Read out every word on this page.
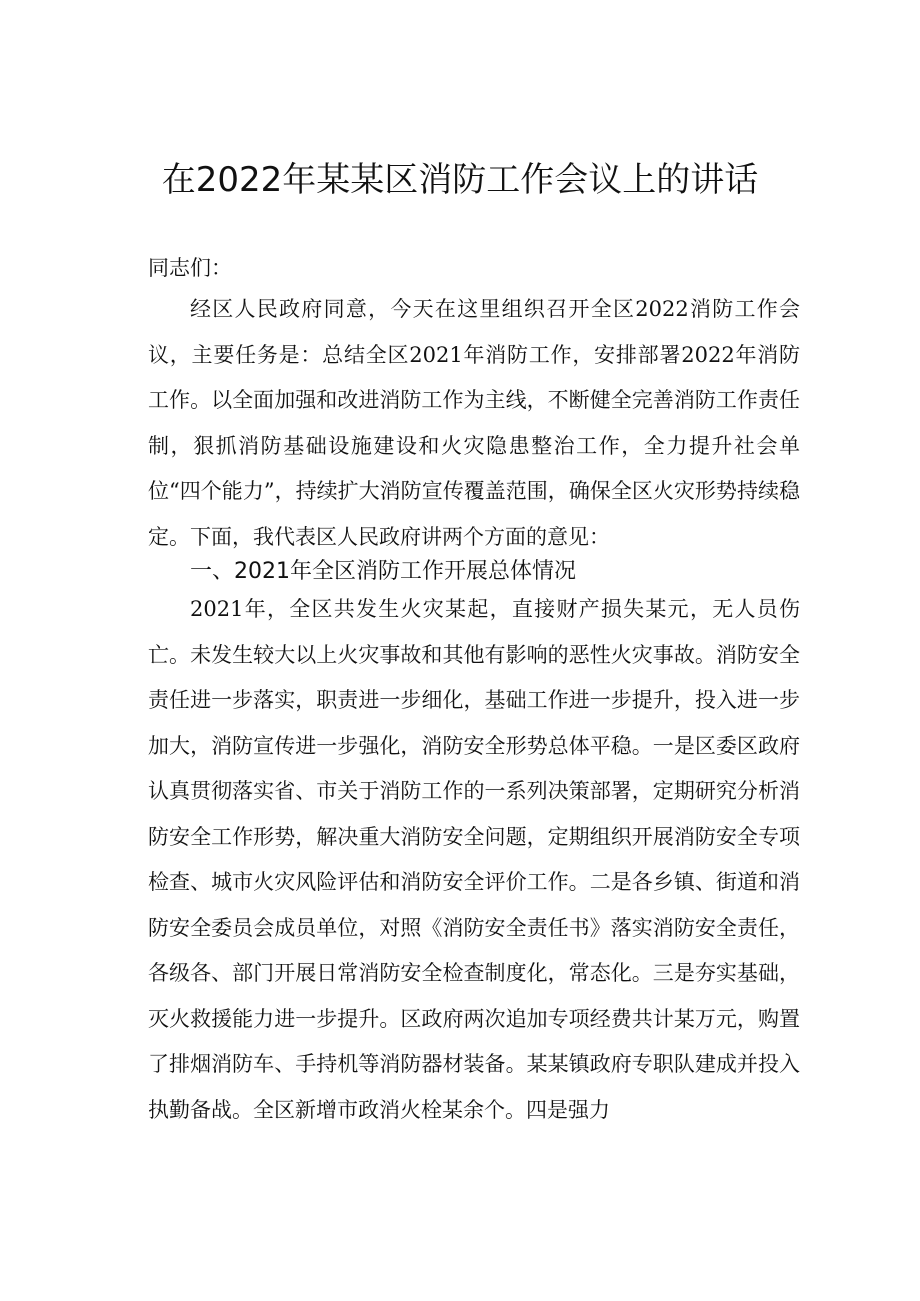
在2022年某某区消防工作会议上的讲话

同志们：

经区人民政府同意，今天在这里组织召开全区2022消防工作会议，主要任务是：总结全区2021年消防工作，安排部署2022年消防工作。以全面加强和改进消防工作为主线，不断健全完善消防工作责任制，狠抓消防基础设施建设和火灾隐患整治工作，全力提升社会单位“四个能力”，持续扩大消防宣传覆盖范围，确保全区火灾形势持续稳定。下面，我代表区人民政府讲两个方面的意见：

一、2021年全区消防工作开展总体情况

2021年，全区共发生火灾某起，直接财产损失某元，无人员伤亡。未发生较大以上火灾事故和其他有影响的恶性火灾事故。消防安全责任进一步落实，职责进一步细化，基础工作进一步提升，投入进一步加大，消防宣传进一步强化，消防安全形势总体平稳。一是区委区政府认真贯彻落实省、市关于消防工作的一系列决策部署，定期研究分析消防安全工作形势，解决重大消防安全问题，定期组织开展消防安全专项检查、城市火灾风险评估和消防安全评价工作。二是各乡镇、街道和消防安全委员会成员单位，对照《消防安全责任书》落实消防安全责任，各级各、部门开展日常消防安全检查制度化，常态化。三是夯实基础，灭火救援能力进一步提升。区政府两次追加专项经费共计某万元，购置了排烟消防车、手持机等消防器材装备。某某镇政府专职队建成并投入执勤备战。全区新增市政消火栓某余个。四是强力
